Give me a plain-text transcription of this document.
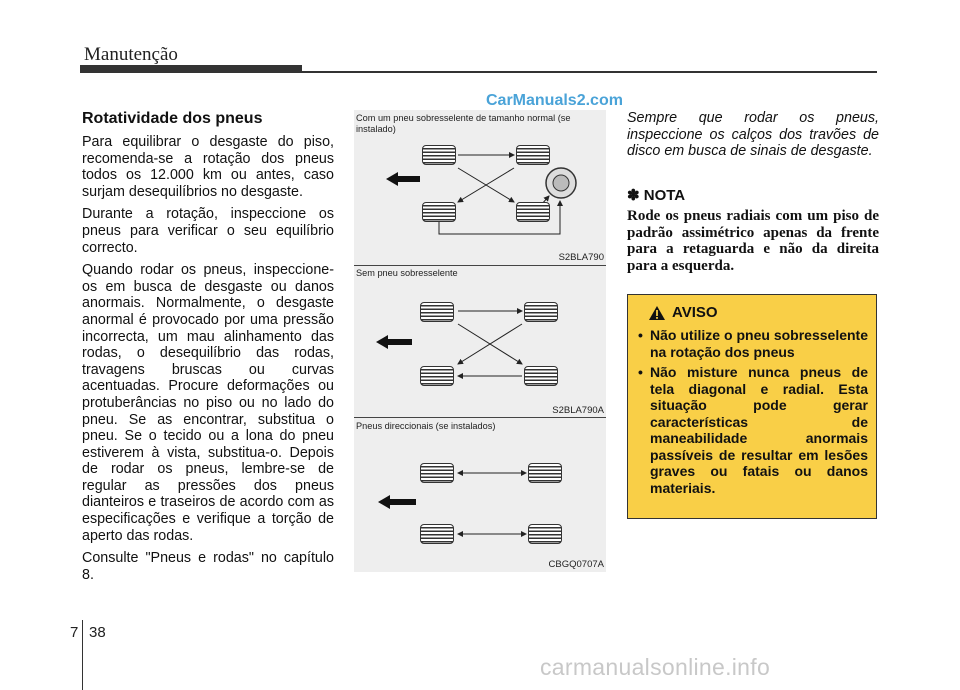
Manutenção
CarManuals2.com
Rotatividade dos pneus

Para equilibrar o desgaste do piso, recomenda-se a rotação dos pneus todos os 12.000 km ou antes, caso surjam desequilíbrios no desgaste.

Durante a rotação, inspeccione os pneus para verificar o seu equilíbrio correcto.

Quando rodar os pneus, inspeccione-os em busca de desgaste ou danos anormais. Normalmente, o desgaste anormal é provocado por uma pressão incorrecta, um mau alinhamento das rodas, o desequilíbrio das rodas, travagens bruscas ou curvas acentuadas. Procure deformações ou protuberâncias no piso ou no lado do pneu. Se as encontrar, substitua o pneu. Se o tecido ou a lona do pneu estiverem à vista, substitua-o. Depois de rodar os pneus, lembre-se de regular as pressões dos pneus dianteiros e traseiros de acordo com as especificações e verifique a torção de aperto das rodas.

Consulte "Pneus e rodas" no capítulo 8.

Com um pneu sobresselente de tamanho normal (se instalado)
S2BLA790
Sem pneu sobresselente
S2BLA790A
Pneus direccionais (se instalados)
CBGQ0707A

Sempre que rodar os pneus, inspeccione os calços dos travões de disco em busca de sinais de desgaste.

✽ NOTA

Rode os pneus radiais com um piso de padrão assimétrico apenas da frente para a retaguarda e não da direita para a esquerda.

AVISO
• Não utilize o pneu sobresselente na rotação dos pneus
• Não misture nunca pneus de tela diagonal e radial. Esta situação pode gerar características de maneabilidade anormais passíveis de resultar em lesões graves ou fatais ou danos materiais.
7 38
carmanualsonline.info
